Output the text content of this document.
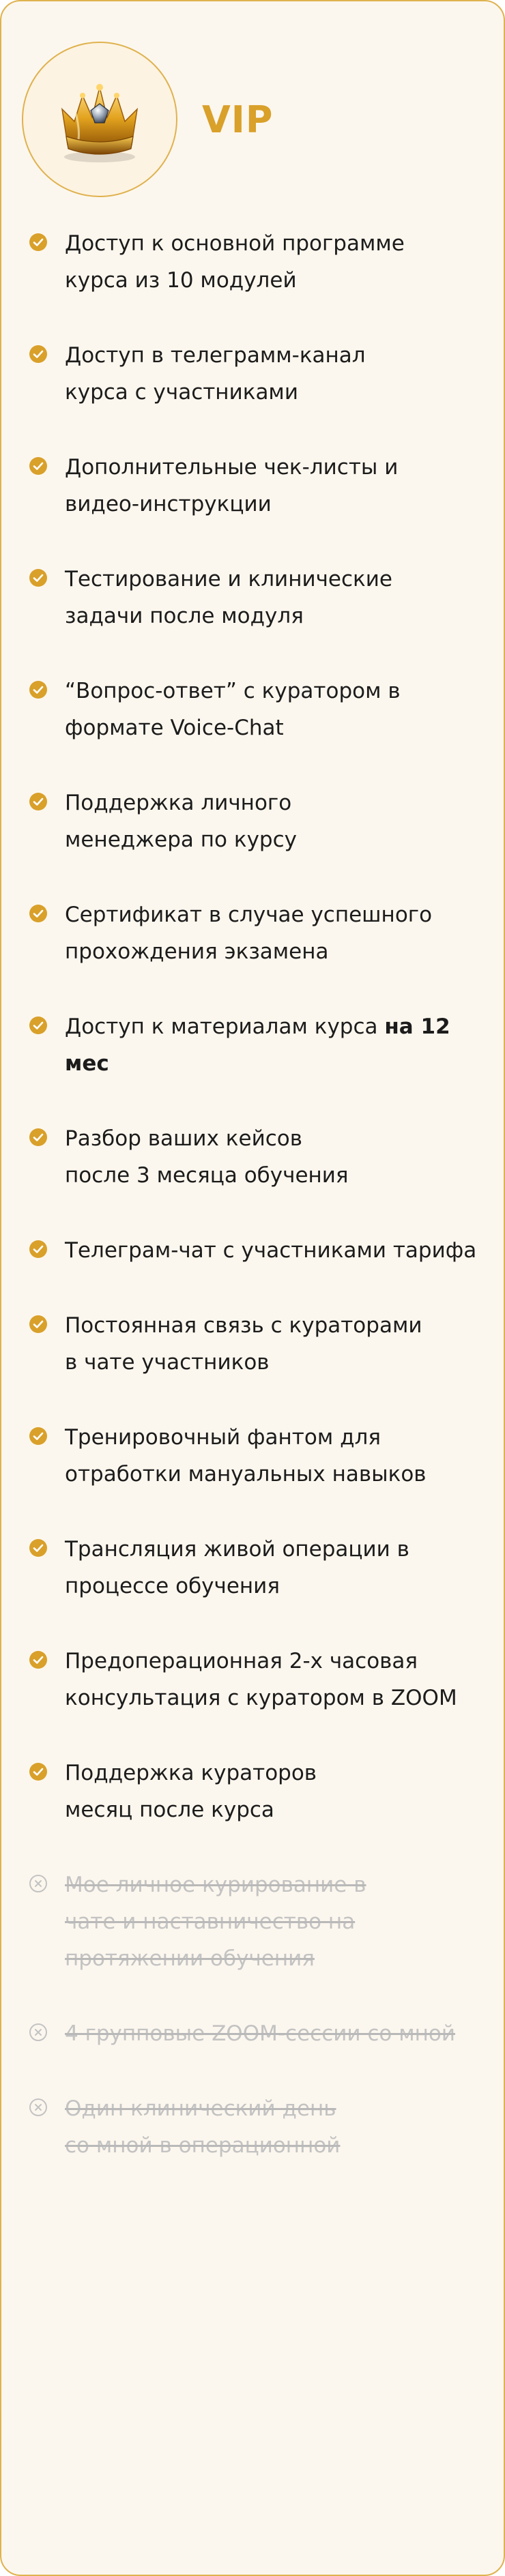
VIP
Доступ к основной программе
курса из 10 модулей
Доступ в телеграмм-канал
курса с участниками
Дополнительные чек-листы и
видео-инструкции
Тестирование и клинические
задачи после модуля
“Вопрос-ответ” с куратором в
формате Voice-Chat
Поддержка личного
менеджера по курсу
Сертификат в случае успешного
прохождения экзамена
Доступ к материалам курса на 12 мес
Разбор ваших кейсов
после 3 месяца обучения
Телеграм-чат с участниками тарифа
Постоянная связь с кураторами
в чате участников
Тренировочный фантом для
отработки мануальных навыков
Трансляция живой операции в
процессе обучения
Предоперационная 2-х часовая
консультация с куратором в ZOOM
Поддержка кураторов
месяц после курса
Мое личное курирование в
чате и наставничество на
протяжении обучения
4 групповые ZOOM-сессии со мной
Один клинический день
со мной в операционной
